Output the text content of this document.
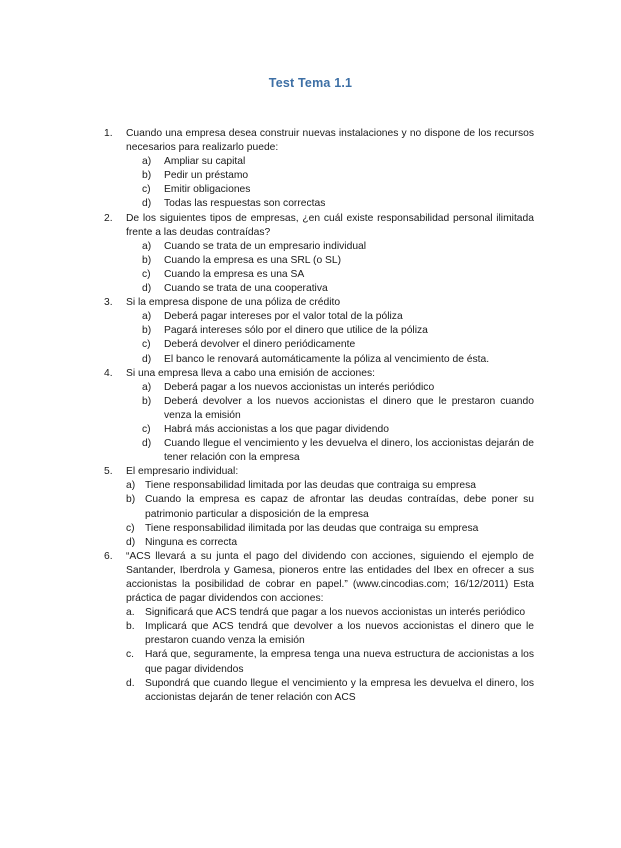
Test Tema 1.1
1. Cuando una empresa desea construir nuevas instalaciones y no dispone de los recursos necesarios para realizarlo puede:
a) Ampliar su capital
b) Pedir un préstamo
c) Emitir obligaciones
d) Todas las respuestas son correctas
2. De los siguientes tipos de empresas, ¿en cuál existe responsabilidad personal ilimitada frente a las deudas contraídas?
a) Cuando se trata de un empresario individual
b) Cuando la empresa es una SRL (o SL)
c) Cuando la empresa es una SA
d) Cuando se trata de una cooperativa
3. Si la empresa dispone de una póliza de crédito
a) Deberá pagar intereses por el valor total de la póliza
b) Pagará intereses sólo por el dinero que utilice de la póliza
c) Deberá devolver el dinero periódicamente
d) El banco le renovará automáticamente la póliza al vencimiento de ésta.
4. Si una empresa lleva a cabo una emisión de acciones:
a) Deberá pagar a los nuevos accionistas un interés periódico
b) Deberá devolver a los nuevos accionistas el dinero que le prestaron cuando venza la emisión
c) Habrá más accionistas a los que pagar dividendo
d) Cuando llegue el vencimiento y les devuelva el dinero, los accionistas dejarán de tener relación con la empresa
5. El empresario individual:
a) Tiene responsabilidad limitada por las deudas que contraiga su empresa
b) Cuando la empresa es capaz de afrontar las deudas contraídas, debe poner su patrimonio particular a disposición de la empresa
c) Tiene responsabilidad ilimitada por las deudas que contraiga su empresa
d) Ninguna es correcta
6. “ACS llevará a su junta el pago del dividendo con acciones, siguiendo el ejemplo de Santander, Iberdrola y Gamesa, pioneros entre las entidades del Ibex en ofrecer a sus accionistas la posibilidad de cobrar en papel.” (www.cincodias.com; 16/12/2011) Esta práctica de pagar dividendos con acciones:
a. Significará que ACS tendrá que pagar a los nuevos accionistas un interés periódico
b. Implicará que ACS tendrá que devolver a los nuevos accionistas el dinero que le prestaron cuando venza la emisión
c. Hará que, seguramente, la empresa tenga una nueva estructura de accionistas a los que pagar dividendos
d. Supondrá que cuando llegue el vencimiento y la empresa les devuelva el dinero, los accionistas dejarán de tener relación con ACS
